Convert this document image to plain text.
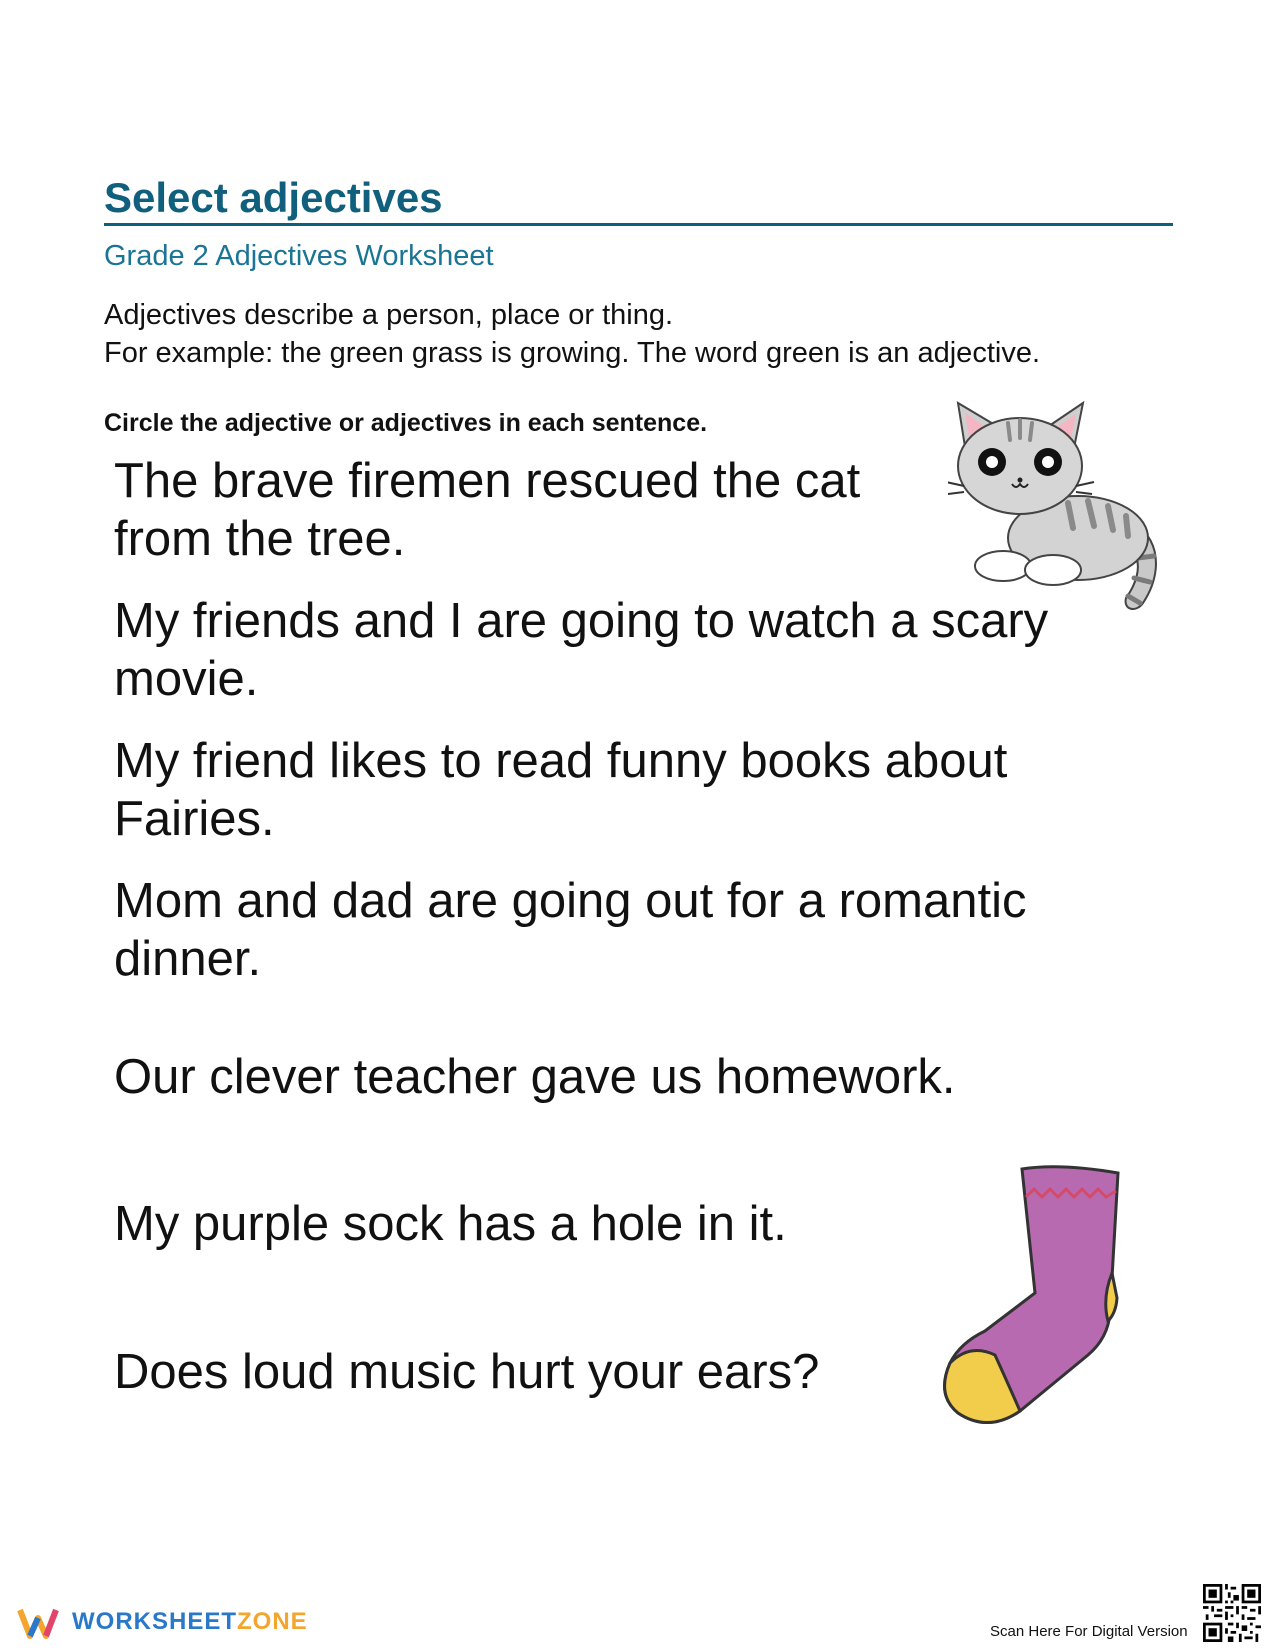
Select adjectives
Grade 2 Adjectives Worksheet
Adjectives describe a person, place or thing.
For example: the green grass is growing. The word green is an adjective.
Circle the adjective or adjectives in each sentence.

The brave firemen rescued the cat
from the tree.

My friends and I are going to watch a scary
movie.

My friend likes to read funny books about
Fairies.

Mom and dad are going out for a romantic
dinner.

Our clever teacher gave us homework.

My purple sock has a hole in it.

Does loud music hurt your ears?

WORKSHEETZONE	Scan Here For Digital Version
